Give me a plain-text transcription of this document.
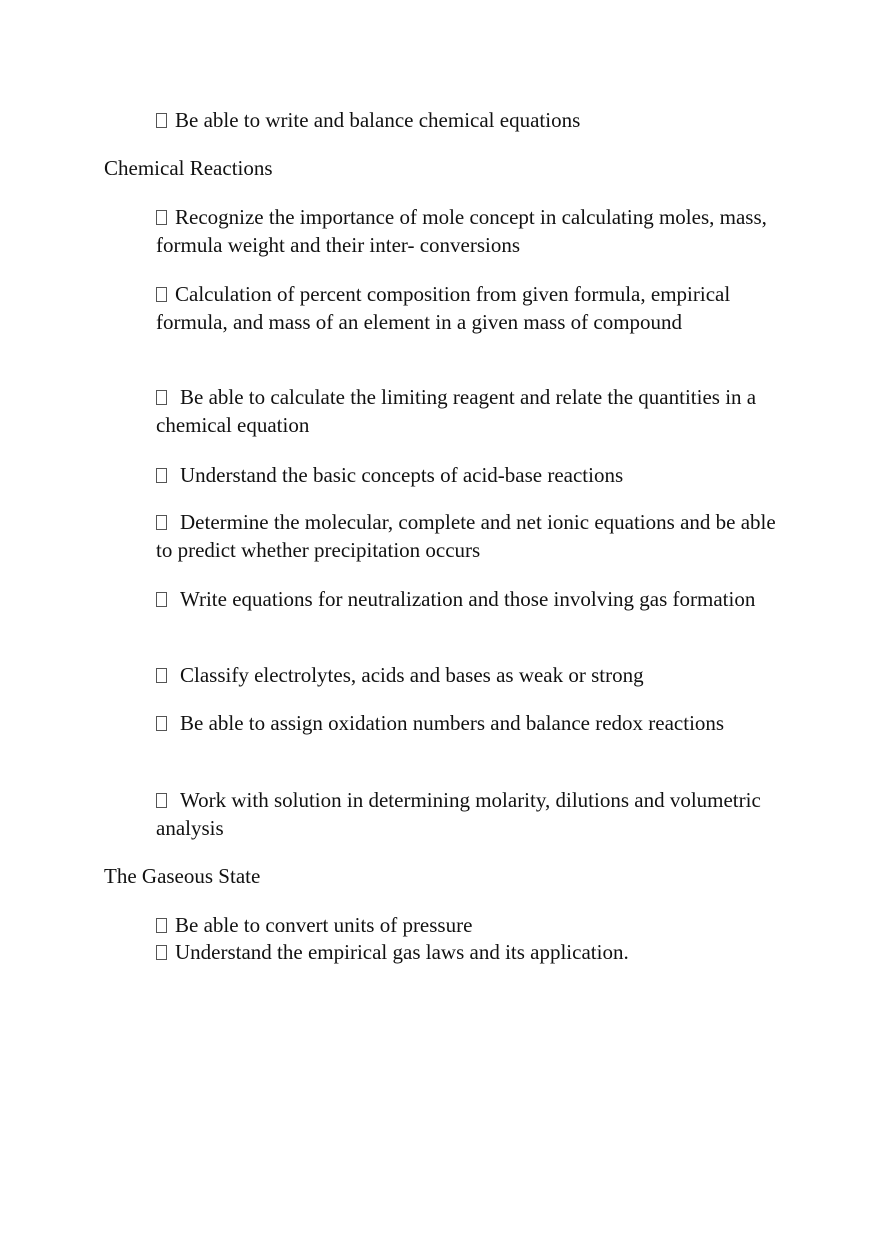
Be able to write and balance chemical equations

Chemical Reactions

Recognize the importance of mole concept in calculating moles, mass, formula weight and their inter- conversions

Calculation of percent composition from given formula, empirical formula, and mass of an element in a given mass of compound

Be able to calculate the limiting reagent and relate the quantities in a chemical equation

Understand the basic concepts of acid-base reactions

Determine the molecular, complete and net ionic equations and be able to predict whether precipitation occurs

Write equations for neutralization and those involving gas formation

Classify electrolytes, acids and bases as weak or strong

Be able to assign oxidation numbers and balance redox reactions

Work with solution in determining molarity, dilutions and volumetric analysis

The Gaseous State

Be able to convert units of pressure

Understand the empirical gas laws and its application.
